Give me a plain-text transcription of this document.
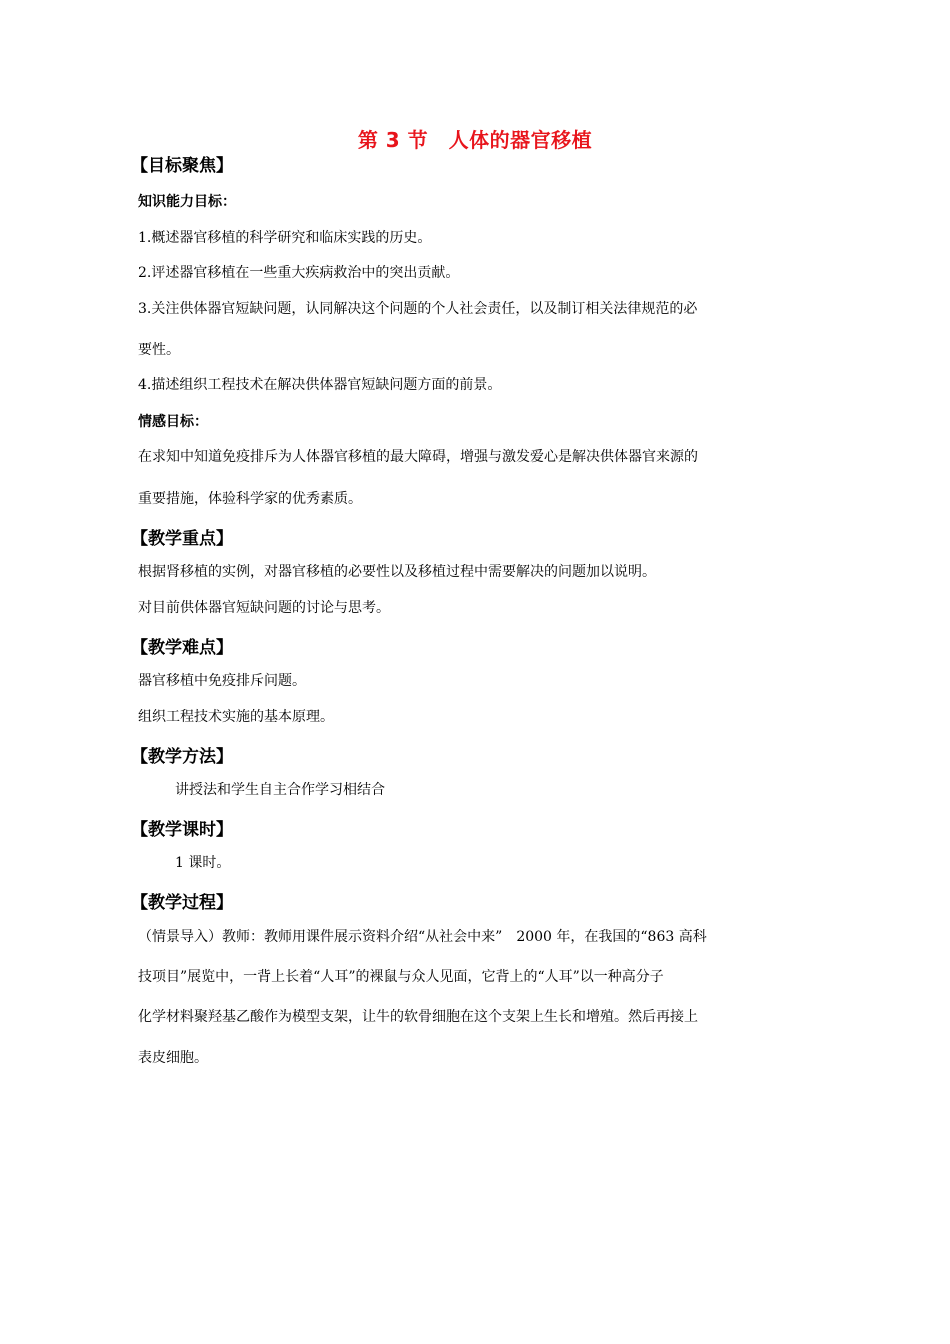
第 3 节　人体的器官移植
【目标聚焦】
知识能力目标：
1.概述器官移植的科学研究和临床实践的历史。
2.评述器官移植在一些重大疾病救治中的突出贡献。
3.关注供体器官短缺问题，认同解决这个问题的个人社会责任，以及制订相关法律规范的必
要性。
4.描述组织工程技术在解决供体器官短缺问题方面的前景。
情感目标：
在求知中知道免疫排斥为人体器官移植的最大障碍，增强与激发爱心是解决供体器官来源的
重要措施，体验科学家的优秀素质。
【教学重点】
根据肾移植的实例，对器官移植的必要性以及移植过程中需要解决的问题加以说明。
对目前供体器官短缺问题的讨论与思考。
【教学难点】
器官移植中免疫排斥问题。
组织工程技术实施的基本原理。
【教学方法】
讲授法和学生自主合作学习相结合
【教学课时】
1 课时。
【教学过程】
（情景导入）教师：教师用课件展示资料介绍“从社会中来”　2000 年，在我国的“863 高科
技项目”展览中，一背上长着“人耳”的裸鼠与众人见面，它背上的“人耳”以一种高分子
化学材料聚羟基乙酸作为模型支架，让牛的软骨细胞在这个支架上生长和增殖。然后再接上
表皮细胞。
